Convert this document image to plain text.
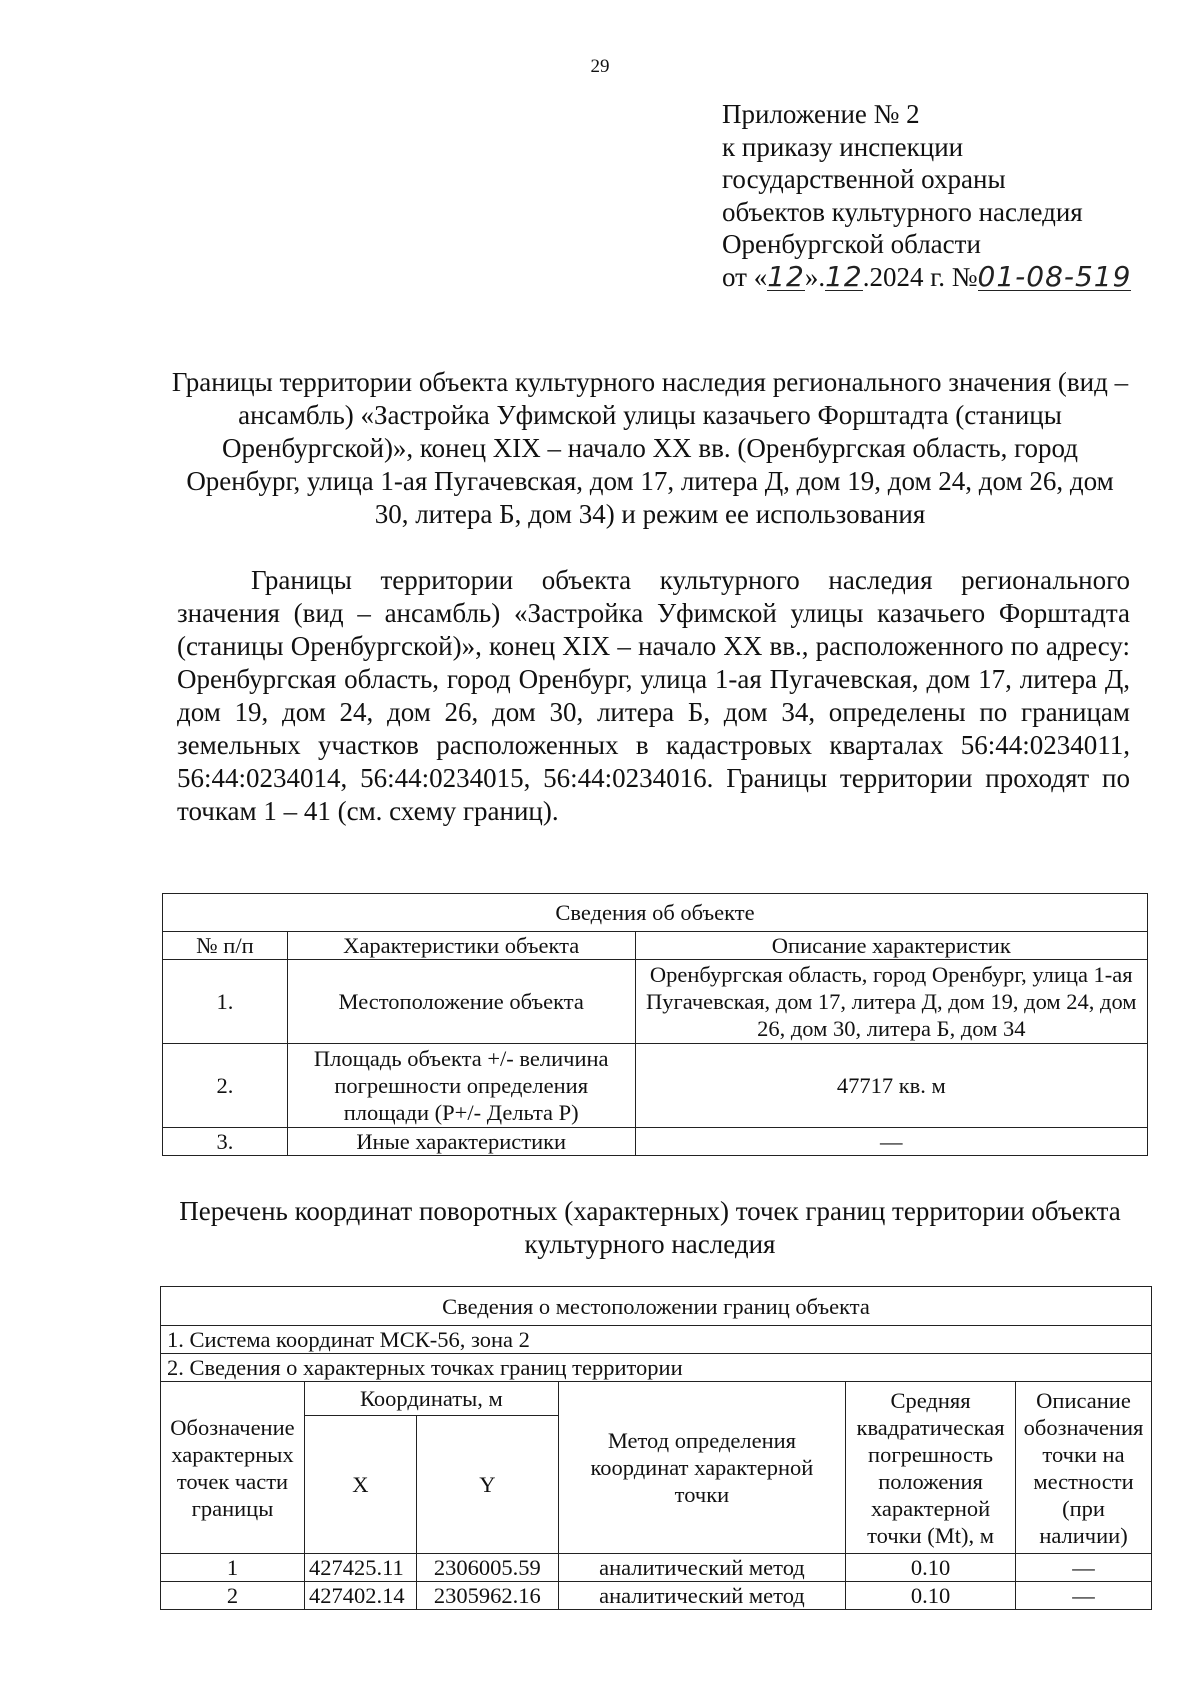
29
Приложение № 2
к приказу инспекции
государственной охраны
объектов культурного наследия
Оренбургской области
от «12».12.2024 г. №01-08-519
Границы территории объекта культурного наследия регионального значения (вид – ансамбль) «Застройка Уфимской улицы казачьего Форштадта (станицы Оренбургской)», конец XIX – начало XX вв. (Оренбургская область, город Оренбург, улица 1-ая Пугачевская, дом 17, литера Д, дом 19, дом 24, дом 26, дом 30, литера Б, дом 34) и режим ее использования
Границы территории объекта культурного наследия регионального значения (вид – ансамбль) «Застройка Уфимской улицы казачьего Форштадта (станицы Оренбургской)», конец XIX – начало XX вв., расположенного по адресу: Оренбургская область, город Оренбург, улица 1-ая Пугачевская, дом 17, литера Д, дом 19, дом 24, дом 26, дом 30, литера Б, дом 34, определены по границам земельных участков расположенных в кадастровых кварталах 56:44:0234011, 56:44:0234014, 56:44:0234015, 56:44:0234016. Границы территории проходят по точкам 1 – 41 (см. схему границ).
Сведения об объекте		
№ п/п	Характеристики объекта	Описание характеристик
1.	Местоположение объекта	Оренбургская область, город Оренбург, улица 1-ая Пугачевская, дом 17, литера Д, дом 19, дом 24, дом 26, дом 30, литера Б, дом 34
2.	Площадь объекта +/- величина погрешности определения площади (P+/- Дельта P)	47717 кв. м
3.	Иные характеристики	—
Перечень координат поворотных (характерных) точек границ территории объекта культурного наследия
Сведения о местоположении границ объекта					
1. Система координат МСК-56, зона 2					
2. Сведения о характерных точках границ территории					
Обозначение характерных точек части границы	Координаты, м		Метод определения координат характерной точки	Средняя квадратическая погрешность положения характерной точки (Mt), м	Описание обозначения точки на местности (при наличии)
	X	Y			
1	427425.11	2306005.59	аналитический метод	0.10	—
2	427402.14	2305962.16	аналитический метод	0.10	—
